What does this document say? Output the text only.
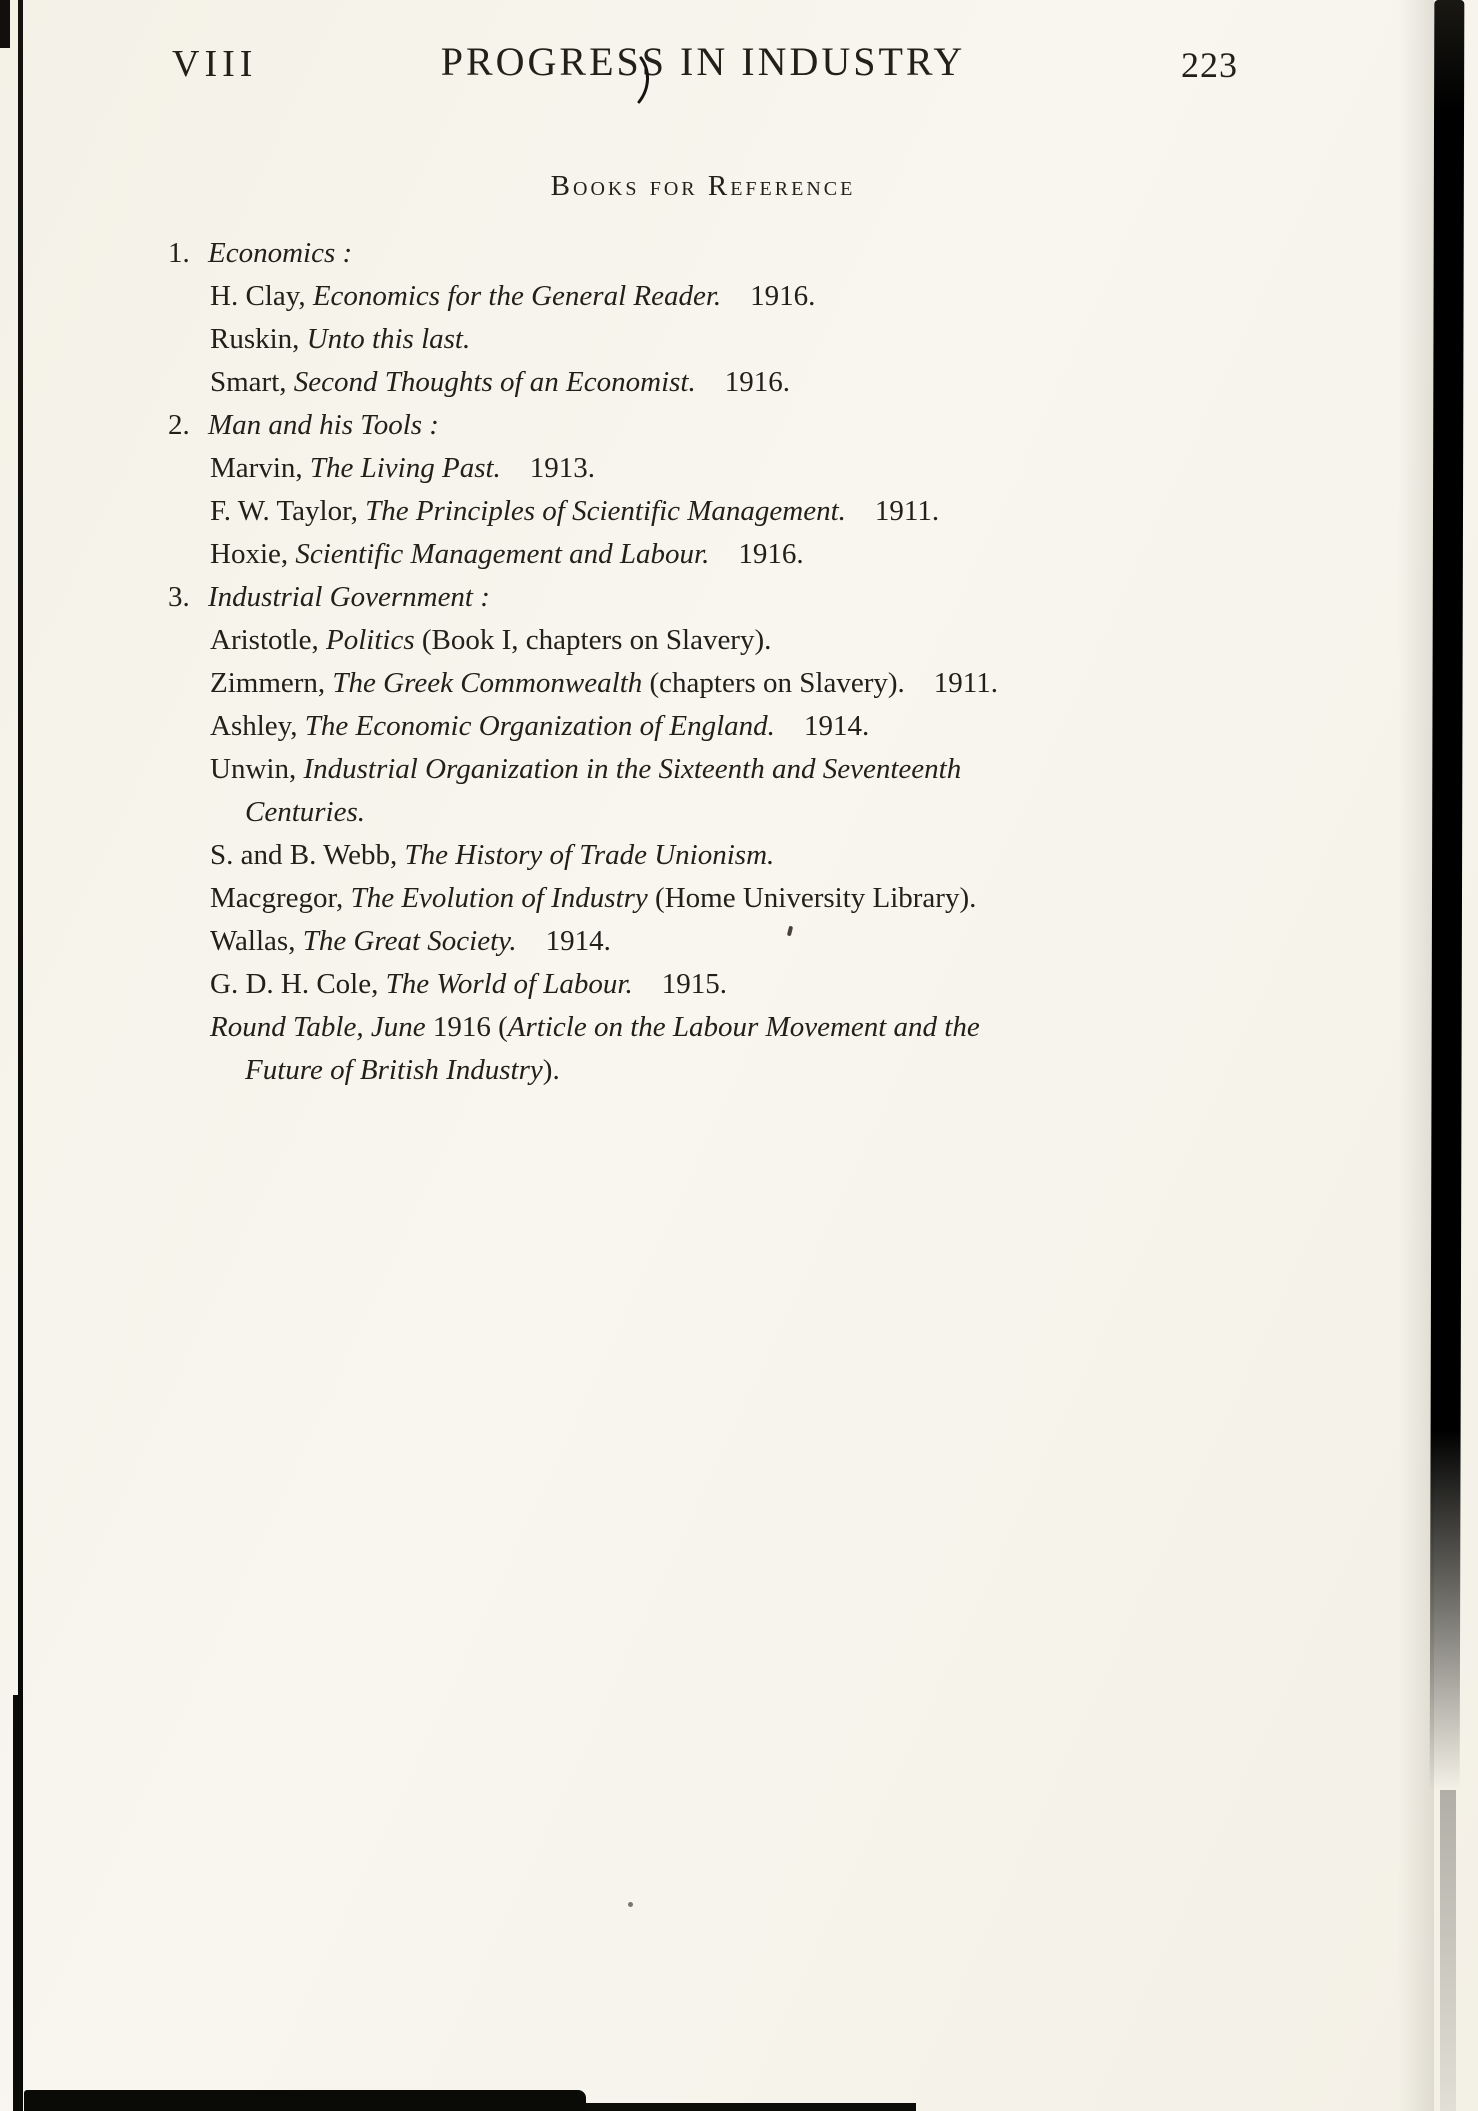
VIII	PROGRESS IN INDUSTRY	223
Books for Reference
1. Economics :
H. Clay, Economics for the General Reader. 1916.
Ruskin, Unto this last.
Smart, Second Thoughts of an Economist. 1916.
2. Man and his Tools :
Marvin, The Living Past. 1913.
F. W. Taylor, The Principles of Scientific Management. 1911.
Hoxie, Scientific Management and Labour. 1916.
3. Industrial Government :
Aristotle, Politics (Book I, chapters on Slavery).
Zimmern, The Greek Commonwealth (chapters on Slavery). 1911.
Ashley, The Economic Organization of England. 1914.
Unwin, Industrial Organization in the Sixteenth and Seventeenth
Centuries.
S. and B. Webb, The History of Trade Unionism.
Macgregor, The Evolution of Industry (Home University Library).
Wallas, The Great Society. 1914.
G. D. H. Cole, The World of Labour. 1915.
Round Table, June 1916 (Article on the Labour Movement and the
Future of British Industry).
